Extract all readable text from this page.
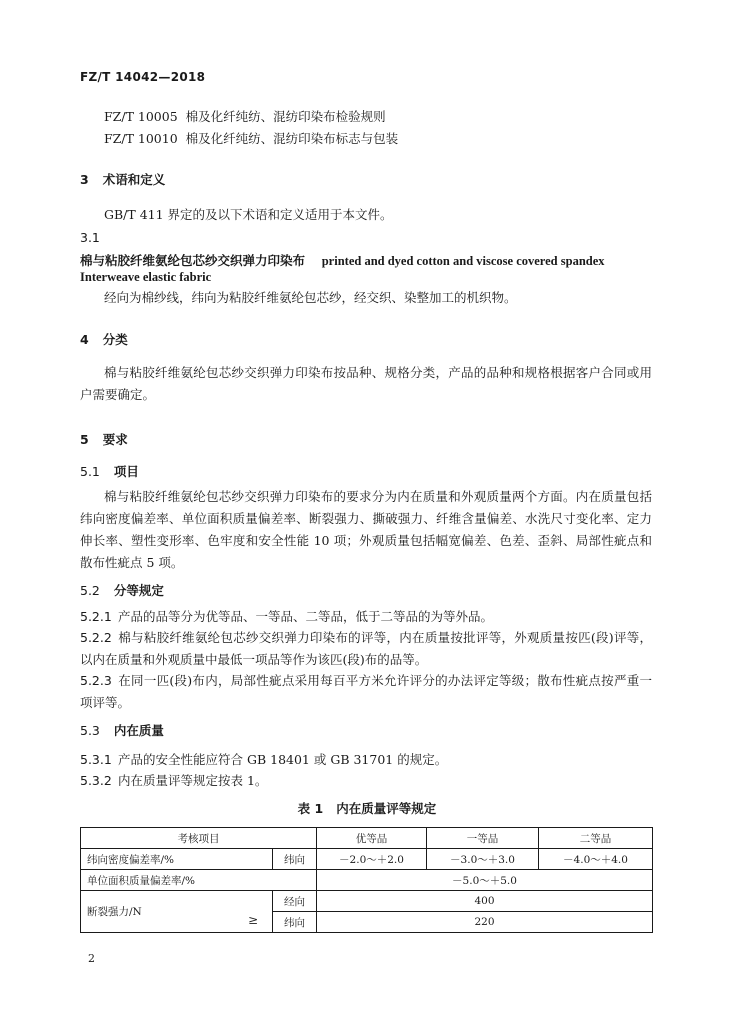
FZ/T 14042—2018
FZ/T 10005 棉及化纤纯纺、混纺印染布检验规则
FZ/T 10010 棉及化纤纯纺、混纺印染布标志与包装
3 术语和定义
GB/T 411 界定的及以下术语和定义适用于本文件。
3.1
棉与粘胶纤维氨纶包芯纱交织弹力印染布 printed and dyed cotton and viscose covered spandex
Interweave elastic fabric
经向为棉纱线，纬向为粘胶纤维氨纶包芯纱，经交织、染整加工的机织物。
4 分类
棉与粘胶纤维氨纶包芯纱交织弹力印染布按品种、规格分类，产品的品种和规格根据客户合同或用户需要确定。
5 要求
5.1 项目
棉与粘胶纤维氨纶包芯纱交织弹力印染布的要求分为内在质量和外观质量两个方面。内在质量包括纬向密度偏差率、单位面积质量偏差率、断裂强力、撕破强力、纤维含量偏差、水洗尺寸变化率、定力伸长率、塑性变形率、色牢度和安全性能 10 项；外观质量包括幅宽偏差、色差、歪斜、局部性疵点和散布性疵点 5 项。
5.2 分等规定
5.2.1 产品的品等分为优等品、一等品、二等品，低于二等品的为等外品。
5.2.2 棉与粘胶纤维氨纶包芯纱交织弹力印染布的评等，内在质量按批评等，外观质量按匹(段)评等，以内在质量和外观质量中最低一项品等作为该匹(段)布的品等。
5.2.3 在同一匹(段)布内，局部性疵点采用每百平方米允许评分的办法评定等级；散布性疵点按严重一项评等。
5.3 内在质量
5.3.1 产品的安全性能应符合 GB 18401 或 GB 31701 的规定。
5.3.2 内在质量评等规定按表 1。
表 1 内在质量评等规定
考核项目		优等品	一等品	二等品
纬向密度偏差率/%	纬向	－2.0～＋2.0	－3.0～＋3.0	－4.0～＋4.0
单位面积质量偏差率/%		－5.0～＋5.0		
断裂强力/N	经向	400		
	纬向	220		
≥
2
